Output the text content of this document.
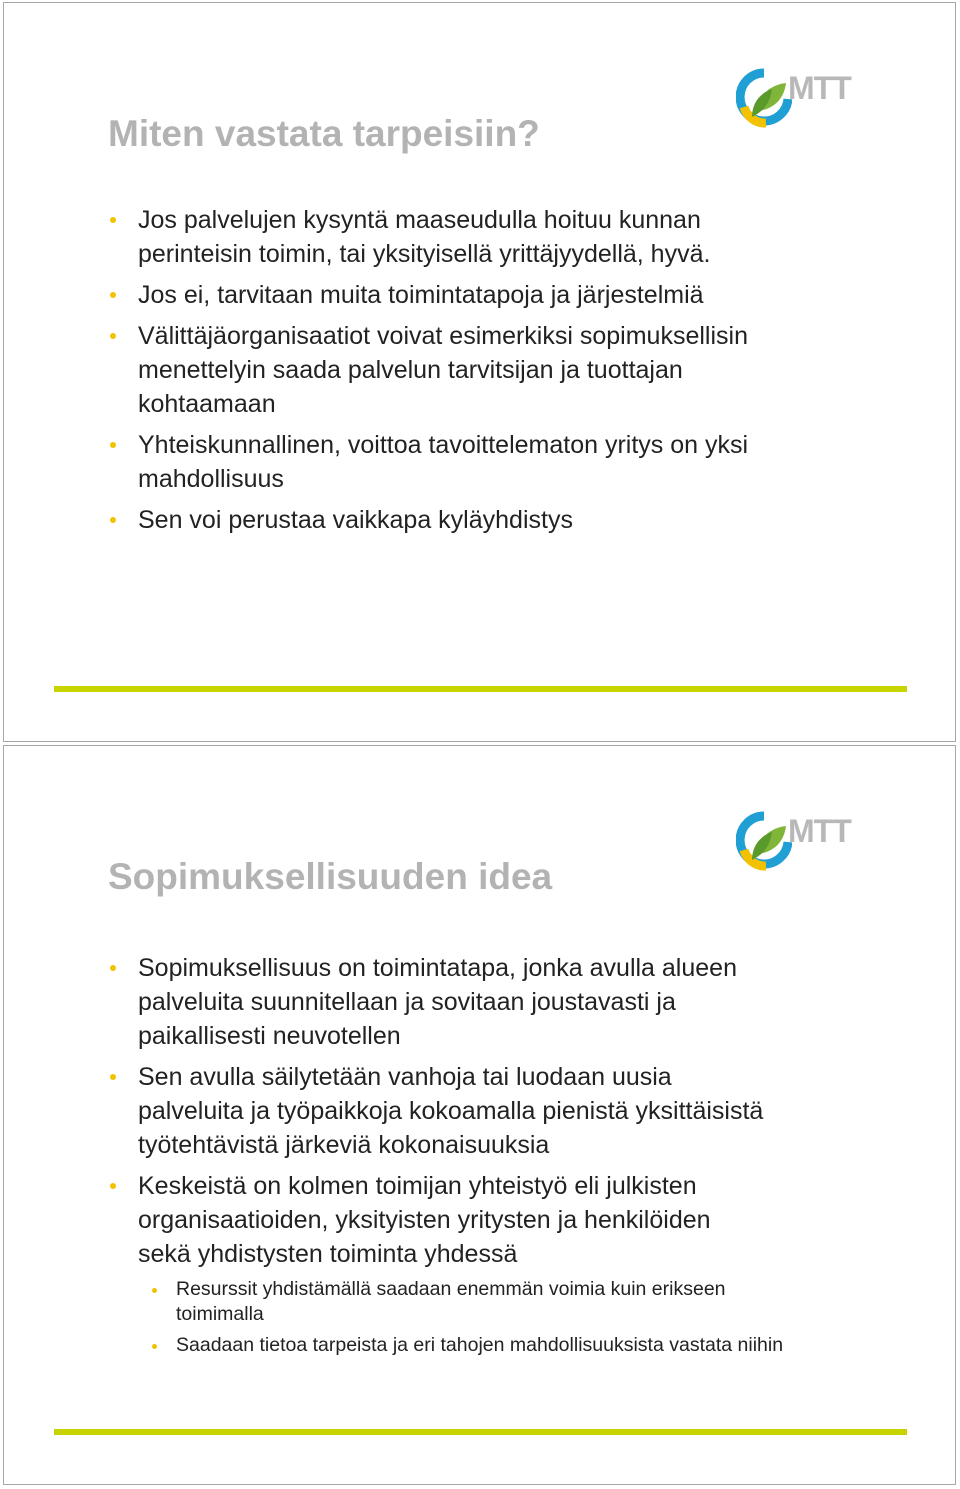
MTT
Miten vastata tarpeisiin?
Jos palvelujen kysyntä maaseudulla hoituu kunnan
perinteisin toimin, tai yksityisellä yrittäjyydellä, hyvä.
Jos ei, tarvitaan muita toimintatapoja ja järjestelmiä
Välittäjäorganisaatiot voivat esimerkiksi sopimuksellisin
menettelyin saada palvelun tarvitsijan ja tuottajan
kohtaamaan
Yhteiskunnallinen, voittoa tavoittelematon yritys on yksi
mahdollisuus
Sen voi perustaa vaikkapa kyläyhdistys
MTT
Sopimuksellisuuden idea
Sopimuksellisuus on toimintatapa, jonka avulla alueen
palveluita suunnitellaan ja sovitaan joustavasti ja
paikallisesti neuvotellen
Sen avulla säilytetään vanhoja tai luodaan uusia
palveluita ja työpaikkoja kokoamalla pienistä yksittäisistä
työtehtävistä järkeviä kokonaisuuksia
Keskeistä on kolmen toimijan yhteistyö eli julkisten
organisaatioiden, yksityisten yritysten ja henkilöiden
sekä yhdistysten toiminta yhdessä
Resurssit yhdistämällä saadaan enemmän voimia kuin erikseen
toimimalla
Saadaan tietoa tarpeista ja eri tahojen mahdollisuuksista vastata niihin
